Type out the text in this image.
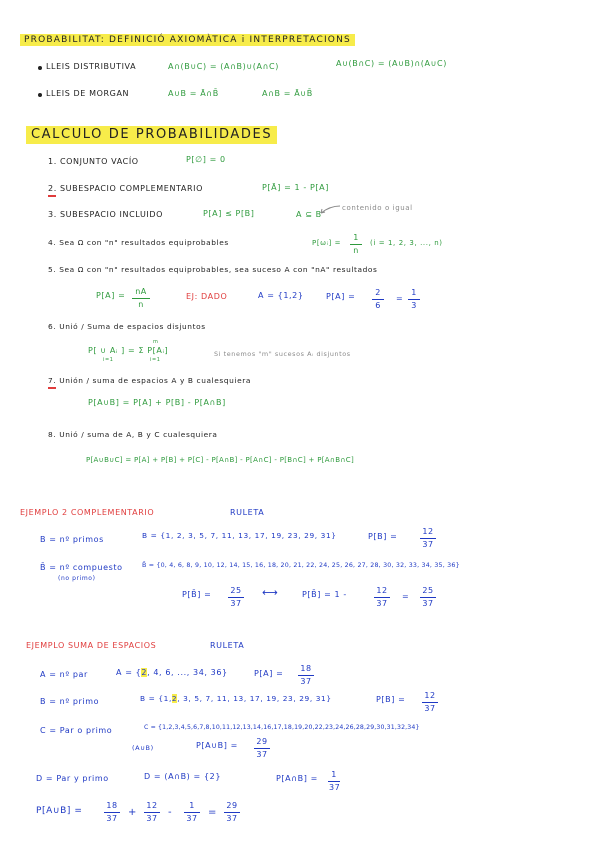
PROBABILITAT: DEFINICIÓ AXIOMÀTICA i INTERPRETACIONS
LLEIS DISTRIBUTIVA	A∩(B∪C) = (A∩B)∪(A∩C)	A∪(B∩C) = (A∪B)∩(A∪C)
LLEIS DE MORGAN	A∪B = Ā∩B̄	A∩B = Ā∪B̄
CALCULO DE PROBABILIDADES
1. CONJUNTO VACÍO	P[∅] = 0
2. SUBESPACIO COMPLEMENTARIO	P[Ā] = 1 - P[A]
3. SUBESPACIO INCLUIDO	P[A] ≤ P[B]	A ⊆ B
contenido o igual
4. Sea Ω con "n" resultados equiprobables	P[ωᵢ] =
1
n
(i = 1, 2, 3, ..., n)
5. Sea Ω con "n" resultados equiprobables, sea suceso A con "nA" resultados
P[A] =	nA
n
EJ: DADO	A = {1,2}	P[A] =	2
6
=
1
3
6. Unió / Suma de espacios disjuntos
P[ ∪ Aᵢ ] = Σ P[Aᵢ]
i=1	i=1
m
Si tenemos "m" sucesos Aᵢ disjuntos
7. Unión / suma de espacios A y B cualesquiera
P[A∪B] = P[A] + P[B] - P[A∩B]
8. Unió / suma de A, B y C cualesquiera
P[A∪B∪C] = P[A] + P[B] + P[C] - P[A∩B] - P[A∩C] - P[B∩C] + P[A∩B∩C]
EJEMPLO 2 COMPLEMENTARIO	RULETA
B = nº primos	B = {1, 2, 3, 5, 7, 11, 13, 17, 19, 23, 29, 31}	P[B] =
12
37
B̄ = nº compuesto
(no primo)
B̄ = {0, 4, 6, 8, 9, 10, 12, 14, 15, 16, 18, 20, 21, 22, 24, 25, 26, 27, 28, 30, 32, 33, 34, 35, 36}
P[B̄] =	25
37
⟷	P[B̄] = 1 -	12
37
=
25
37
EJEMPLO SUMA DE ESPACIOS	RULETA
A = nº par	A = {2, 4, 6, ..., 34, 36}	P[A] =
18
37
B = nº primo	B = {1,2, 3, 5, 7, 11, 13, 17, 19, 23, 29, 31}	P[B] =	12
37
C = Par o primo	C = {1,2,3,4,5,6,7,8,10,11,12,13,14,16,17,18,19,20,22,23,24,26,28,29,30,31,32,34}
(A∪B)	P[A∪B] =	29
37
D = Par y primo	D = (A∩B) = {2}	P[A∩B] =	1
37
P[A∪B] =
18
37
+
12
37
-
1
37
=
29
37
